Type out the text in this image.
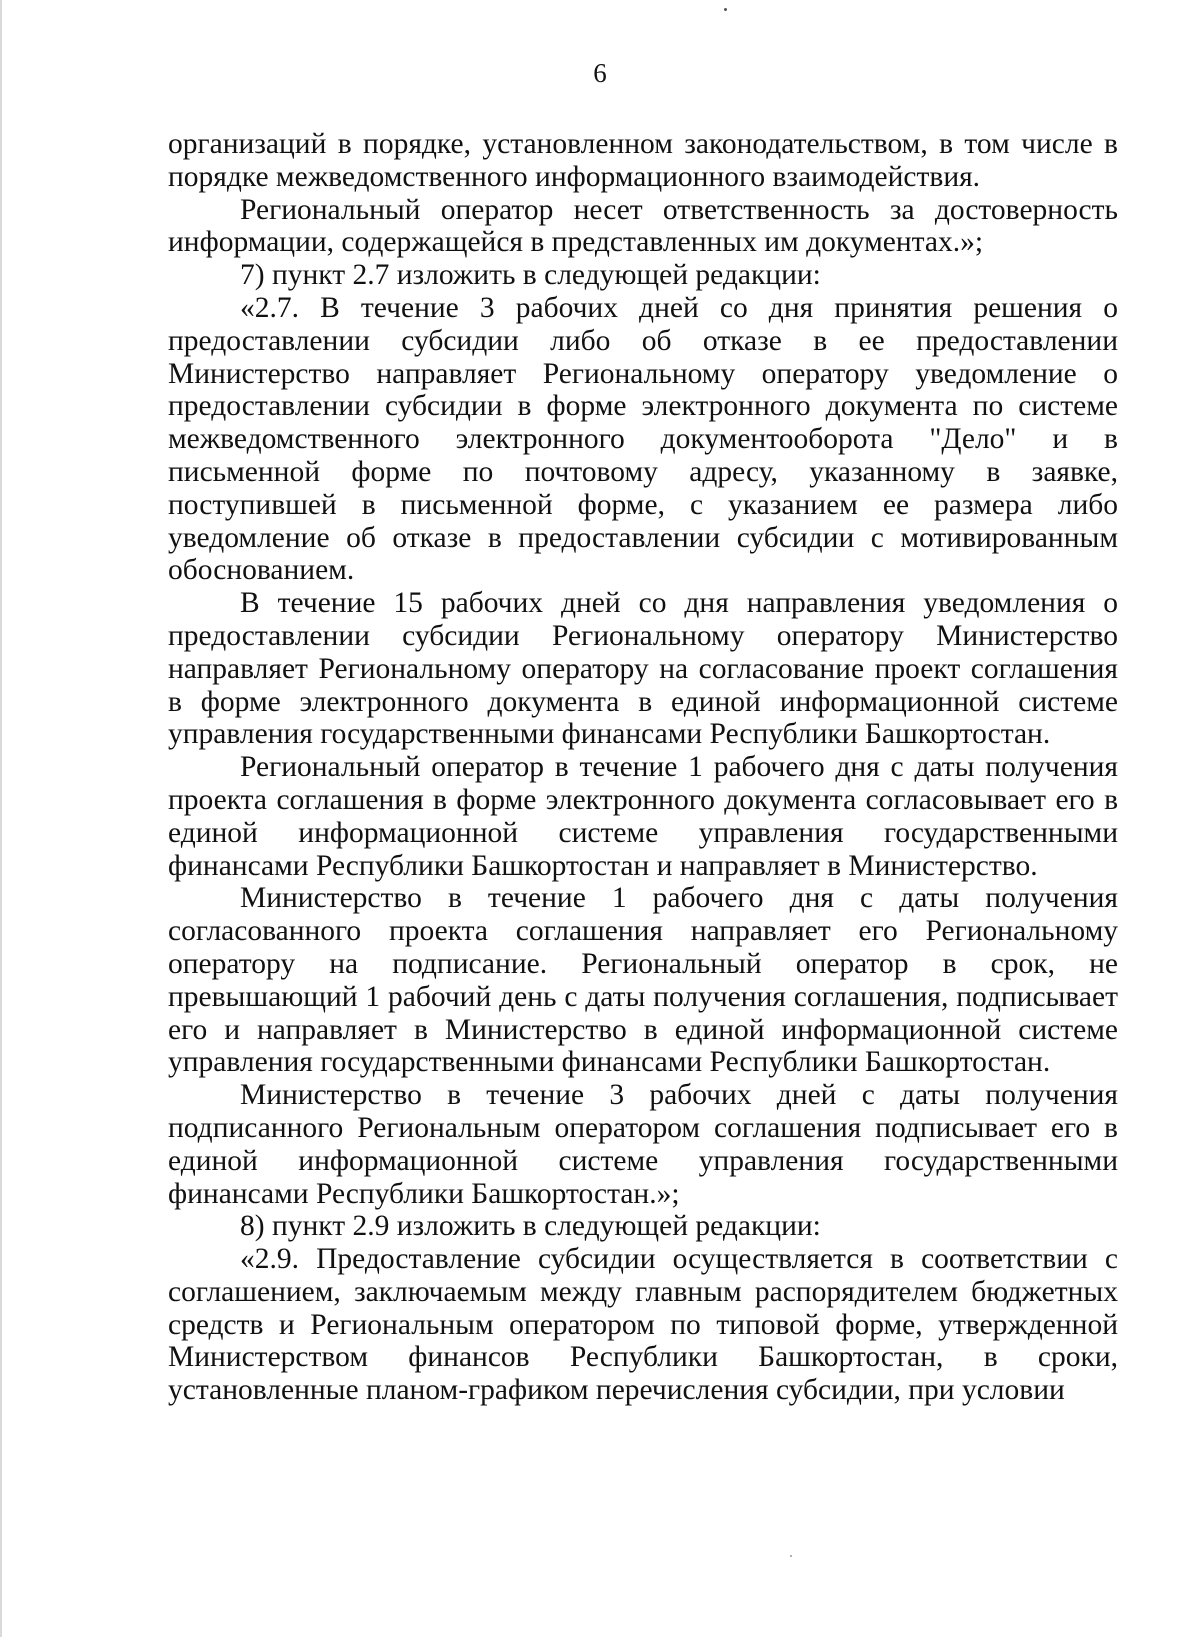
6

организаций в порядке, установленном законодательством, в том числе в порядке межведомственного информационного взаимодействия.

Региональный оператор несет ответственность за достоверность информации, содержащейся в представленных им документах.»;

7) пункт 2.7 изложить в следующей редакции:

«2.7. В течение 3 рабочих дней со дня принятия решения о предоставлении субсидии либо об отказе в ее предоставлении Министерство направляет Региональному оператору уведомление о предоставлении субсидии в форме электронного документа по системе межведомственного электронного документооборота "Дело" и в письменной форме по почтовому адресу, указанному в заявке, поступившей в письменной форме, с указанием ее размера либо уведомление об отказе в предоставлении субсидии с мотивированным обоснованием.

В течение 15 рабочих дней со дня направления уведомления о предоставлении субсидии Региональному оператору Министерство направляет Региональному оператору на согласование проект соглашения в форме электронного документа в единой информационной системе управления государственными финансами Республики Башкортостан.

Региональный оператор в течение 1 рабочего дня с даты получения проекта соглашения в форме электронного документа согласовывает его в единой информационной системе управления государственными финансами Республики Башкортостан и направляет в Министерство.

Министерство в течение 1 рабочего дня с даты получения согласованного проекта соглашения направляет его Региональному оператору на подписание. Региональный оператор в срок, не превышающий 1 рабочий день с даты получения соглашения, подписывает его и направляет в Министерство в единой информационной системе управления государственными финансами Республики Башкортостан.

Министерство в течение 3 рабочих дней с даты получения подписанного Региональным оператором соглашения подписывает его в единой информационной системе управления государственными финансами Республики Башкортостан.»;

8) пункт 2.9 изложить в следующей редакции:

«2.9. Предоставление субсидии осуществляется в соответствии с соглашением, заключаемым между главным распорядителем бюджетных средств и Региональным оператором по типовой форме, утвержденной Министерством финансов Республики Башкортостан, в сроки, установленные планом-графиком перечисления субсидии, при условии
